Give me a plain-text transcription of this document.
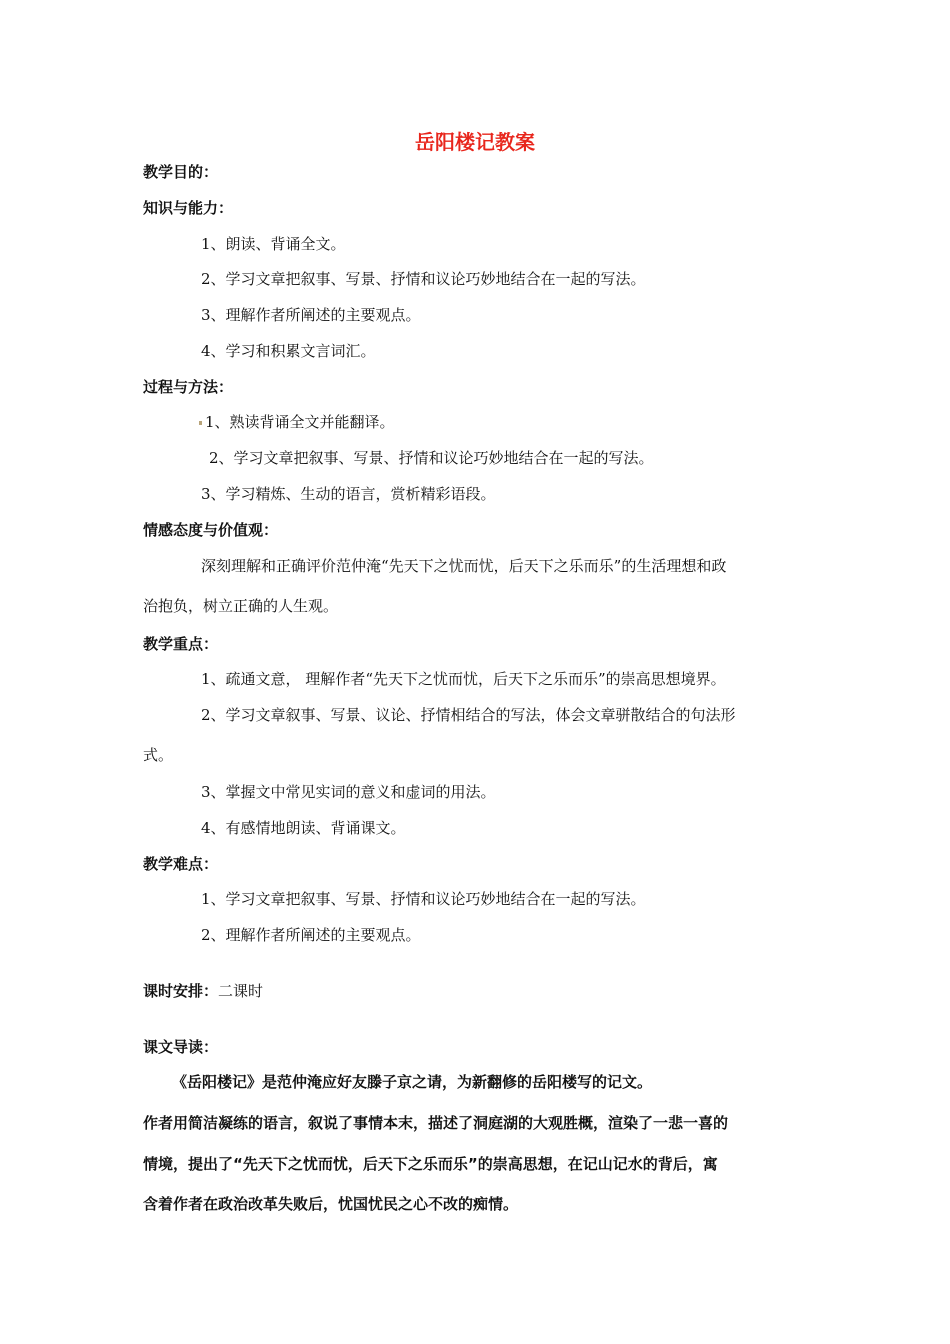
岳阳楼记教案
教学目的：
知识与能力：
1、朗读、背诵全文。
2、学习文章把叙事、写景、抒情和议论巧妙地结合在一起的写法。
3、理解作者所阐述的主要观点。
4、学习和积累文言词汇。
过程与方法：
1、熟读背诵全文并能翻译。
2、学习文章把叙事、写景、抒情和议论巧妙地结合在一起的写法。
3、学习精炼、生动的语言，赏析精彩语段。
情感态度与价值观：
深刻理解和正确评价范仲淹“先天下之忧而忧，后天下之乐而乐”的生活理想和政
治抱负，树立正确的人生观。
教学重点：
1、疏通文意， 理解作者“先天下之忧而忧，后天下之乐而乐”的崇高思想境界。
2、学习文章叙事、写景、议论、抒情相结合的写法，体会文章骈散结合的句法形
式。
3、掌握文中常见实词的意义和虚词的用法。
4、有感情地朗读、背诵课文。
教学难点：
1、学习文章把叙事、写景、抒情和议论巧妙地结合在一起的写法。
2、理解作者所阐述的主要观点。
课时安排：二课时
课文导读：
《岳阳楼记》是范仲淹应好友滕子京之请，为新翻修的岳阳楼写的记文。
作者用简洁凝练的语言，叙说了事情本末，描述了洞庭湖的大观胜概，渲染了一悲一喜的
情境，提出了“先天下之忧而忧，后天下之乐而乐”的崇高思想，在记山记水的背后，寓
含着作者在政治改革失败后，忧国忧民之心不改的痴情。
